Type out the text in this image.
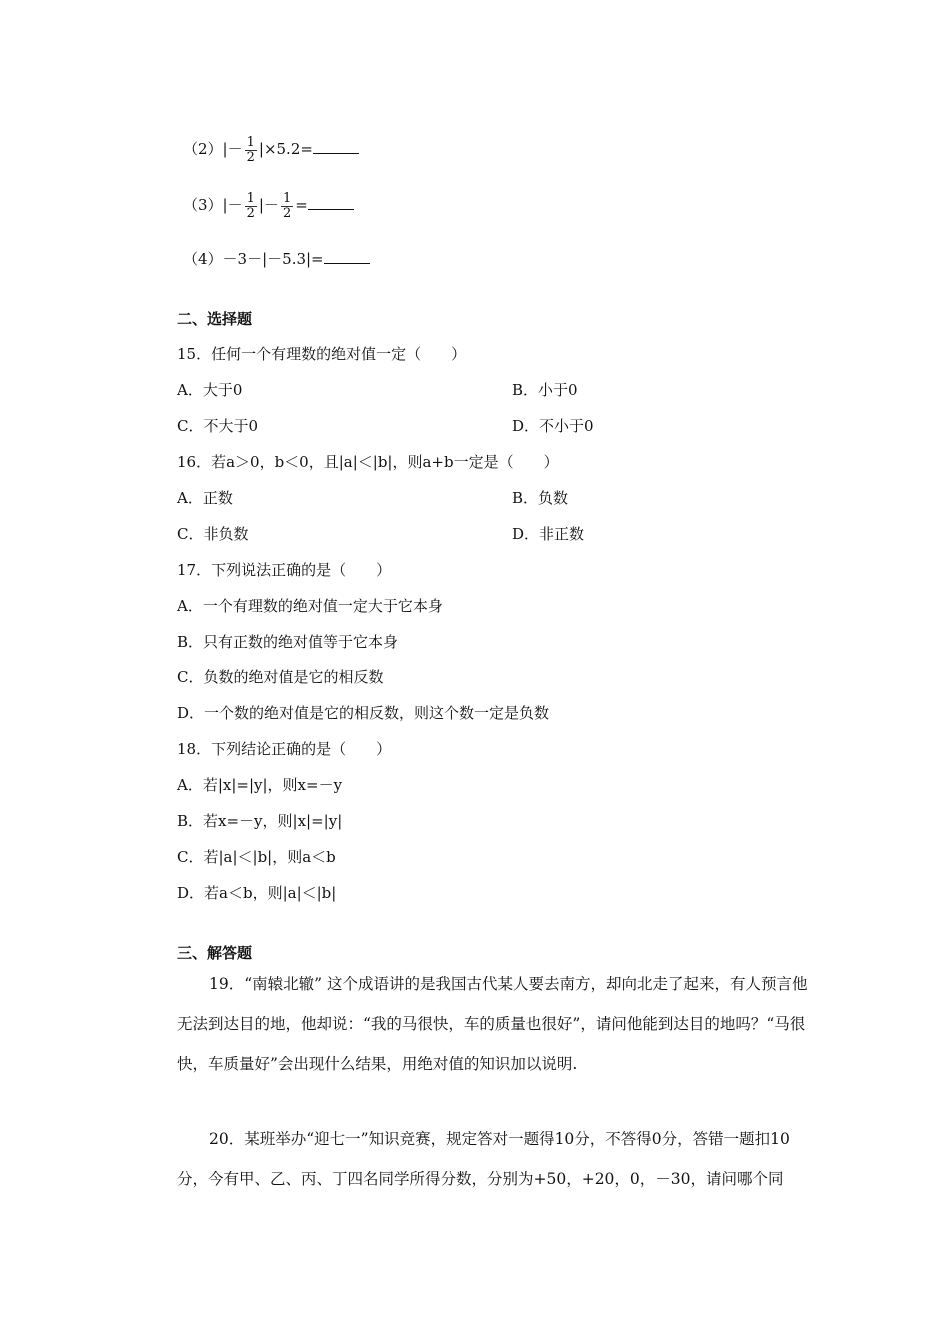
$(2)|- \frac{1}{2} |\times 5.2=$
$(3)|- \frac{1}{2}$ |－ $\frac{1}{2}$ =
（4）－3－|－5.3|=
二、选择题
15．任何一个有理数的绝对值一定（　　）
A．大于0	B．小于0
C．不大于0	D．不小于0
16．若a＞0，b＜0，且|a|＜|b|，则a+b一定是（　　）
A．正数	B．负数
C．非负数	D．非正数
17．下列说法正确的是（　　）
A．一个有理数的绝对值一定大于它本身
B．只有正数的绝对值等于它本身
C．负数的绝对值是它的相反数
D．一个数的绝对值是它的相反数，则这个数一定是负数
18．下列结论正确的是（　　）
A．若|x|=|y|，则x=－y
B．若x=－y，则|x|=|y|
C．若|a|＜|b|，则a＜b
D．若a＜b，则|a|＜|b|
三、解答题
19．“南辕北辙” 这个成语讲的是我国古代某人要去南方，却向北走了起来，有人预言他无法到达目的地，他却说：“我的马很快，车的质量也很好”，请问他能到达目的地吗？“马很快，车质量好”会出现什么结果，用绝对值的知识加以说明.
20．某班举办“迎七一”知识竞赛，规定答对一题得10分，不答得0分，答错一题扣10分，今有甲、乙、丙、丁四名同学所得分数，分别为+50，+20，0，－30，请问哪个同
